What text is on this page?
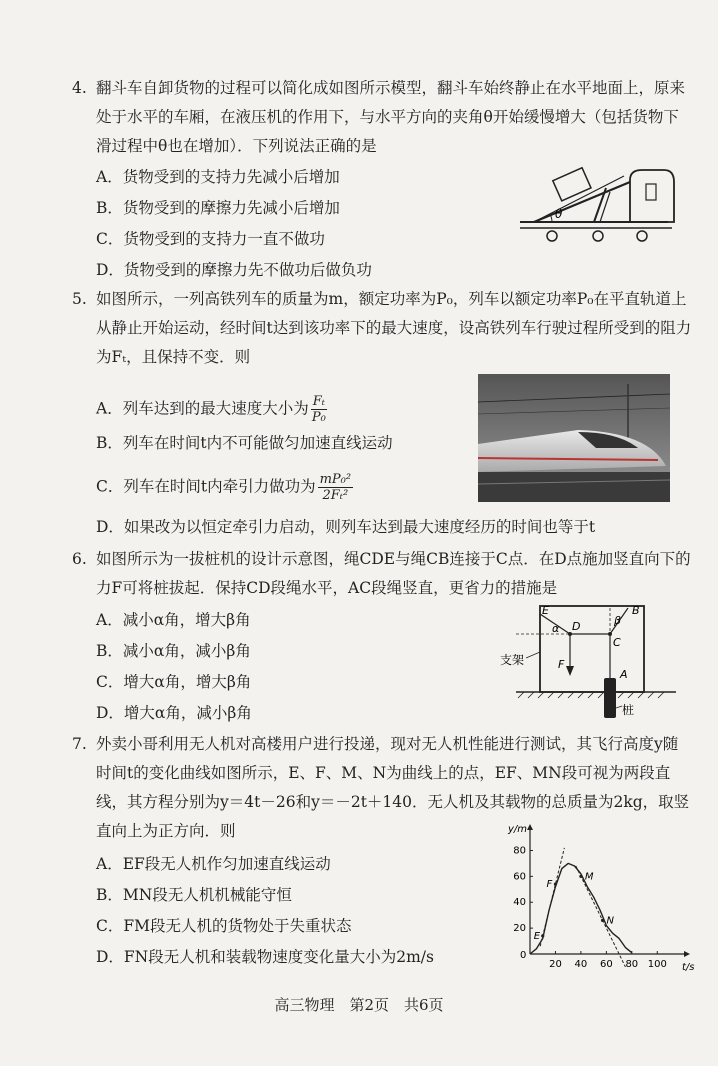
4. 翻斗车自卸货物的过程可以简化成如图所示模型，翻斗车始终静止在水平地面上，原来处于水平的车厢，在液压机的作用下，与水平方向的夹角θ开始缓慢增大（包括货物下滑过程中θ也在增加）．下列说法正确的是
A．货物受到的支持力先减小后增加
B．货物受到的摩擦力先减小后增加
C．货物受到的支持力一直不做功
D．货物受到的摩擦力先不做功后做负功
θ
5. 如图所示，一列高铁列车的质量为m，额定功率为P₀，列车以额定功率P₀在平直轨道上从静止开始运动，经时间t达到该功率下的最大速度，设高铁列车行驶过程所受到的阻力为Fₜ，且保持不变．则
A．列车达到的最大速度大小为 $\frac{\text{Fₜ}}{\text{P₀}}$
B．列车在时间t内不可能做匀加速直线运动
C．列车在时间t内牵引力做功为 $\frac{\text{mP₀²}}{\text{2Fₜ²}}$
D．如果改为以恒定牵引力启动，则列车达到最大速度经历的时间也等于t
6. 如图所示为一拔桩机的设计示意图，绳CDE与绳CB连接于C点．在D点施加竖直向下的力F可将桩拔起．保持CD段绳水平，AC段绳竖直，更省力的措施是
A．减小α角，增大β角
B．减小α角，减小β角
C．增大α角，增大β角
D．增大α角，减小β角
E	B
β
α D
C
F
A
支架
桩
7. 外卖小哥利用无人机对高楼用户进行投递，现对无人机性能进行测试，其飞行高度y随时间t的变化曲线如图所示，E、F、M、N为曲线上的点，EF、MN段可视为两段直线，其方程分别为y＝4t－26和y＝－2t＋140．无人机及其载物的总质量为2kg，取竖直向上为正方向．则
A．EF段无人机作匀加速直线运动
B．MN段无人机机械能守恒
C．FM段无人机的货物处于失重状态
D．FN段无人机和装载物速度变化量大小为2m/s
y/m
t/s
0
20 40 60 80 100
20
40
60
80
E
F
M
N
高三物理　第2页　共6页
